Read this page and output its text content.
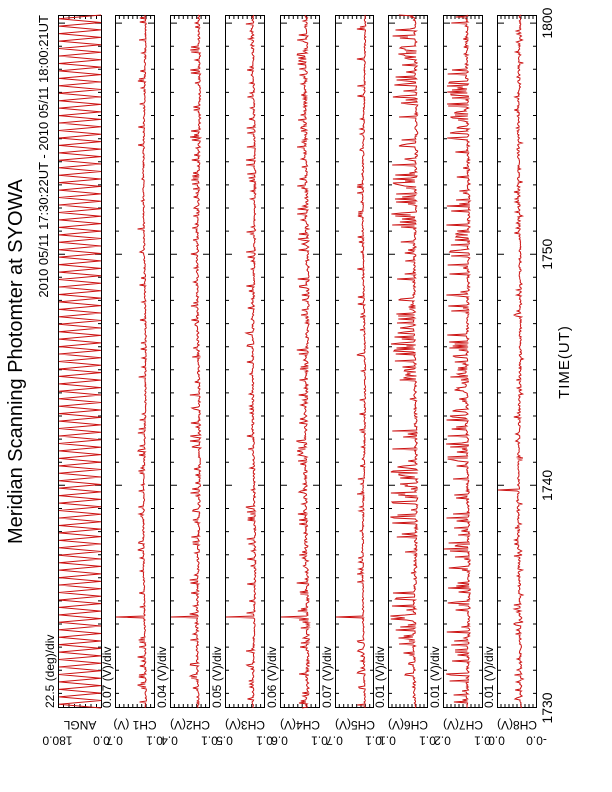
Meridian Scanning Photomter at SYOWA
2010 05/11 17:30:22UT - 2010 05/11 18:00:21UT
22.5 (deg)/div
ANGL
180.0	0.0
0.07 (V)/div
CH1 (V)
0.7	0.1
0.04 (V)/div
CH2(V)
0.4	0.1
0.05 (V)/div
CH3(V)
0.5	0.1
0.06 (V)/div
CH4(V)
0.6	0.1
0.07 (V)/div
CH5(V)
0.7	0.1
0.01 (V)/div
CH6(V)
0.1	0.1
0.01 (V)/div
CH7(V)
0.2	0.1
0.01 (V)/div
CH8(V)
0.0	-0.0
1730
1740
1750
1800
TIME(UT)
